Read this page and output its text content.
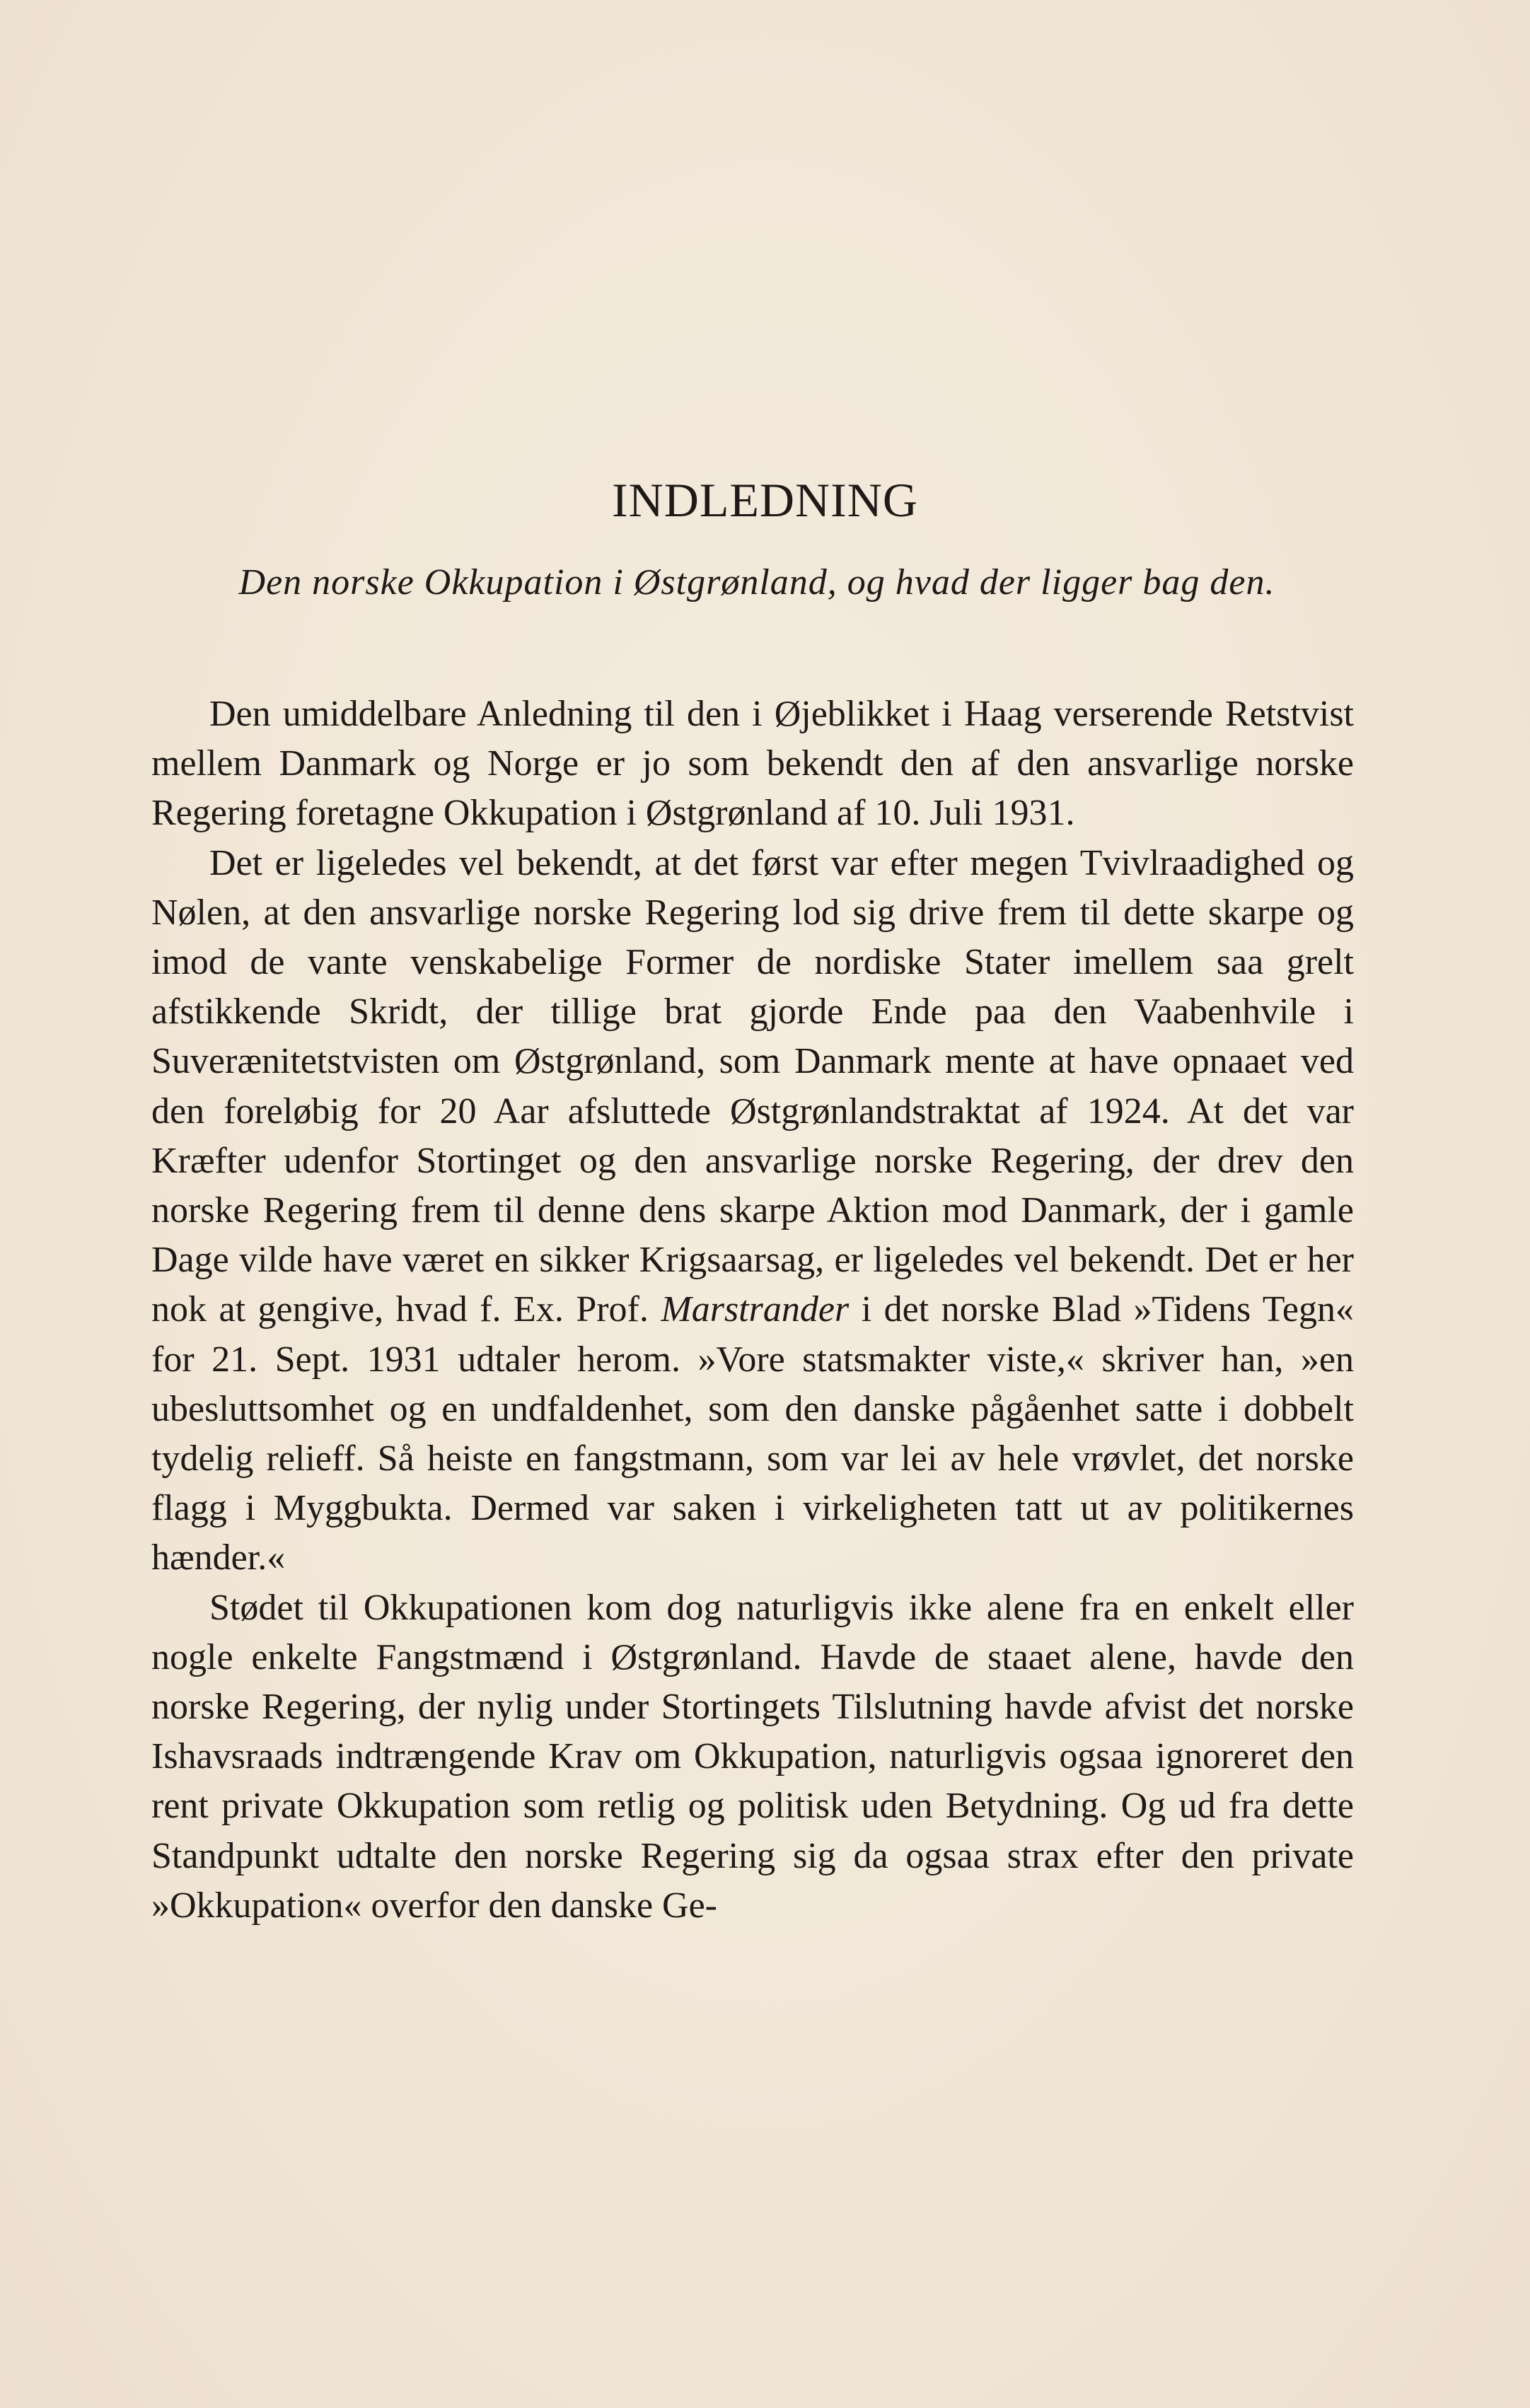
INDLEDNING
Den norske Okkupation i Østgrønland, og hvad der ligger bag den.

Den umiddelbare Anledning til den i Øjeblikket i Haag verserende Retstvist mellem Danmark og Norge er jo som bekendt den af den ansvarlige norske Regering foretagne Okkupation i Østgrønland af 10. Juli 1931.

Det er ligeledes vel bekendt, at det først var efter megen Tvivlraadighed og Nølen, at den ansvarlige norske Regering lod sig drive frem til dette skarpe og imod de vante venskabelige Former de nordiske Stater imellem saa grelt afstikkende Skridt, der tillige brat gjorde Ende paa den Vaabenhvile i Suverænitetstvisten om Østgrønland, som Danmark mente at have opnaaet ved den foreløbig for 20 Aar afsluttede Østgrønlandstraktat af 1924. At det var Kræfter udenfor Stortinget og den ansvarlige norske Regering, der drev den norske Regering frem til denne dens skarpe Aktion mod Danmark, der i gamle Dage vilde have været en sikker Krigsaarsag, er ligeledes vel bekendt. Det er her nok at gengive, hvad f. Ex. Prof. Marstrander i det norske Blad »Tidens Tegn« for 21. Sept. 1931 udtaler herom. »Vore statsmakter viste,« skriver han, »en ubesluttsomhet og en undfaldenhet, som den danske pågåenhet satte i dobbelt tydelig relieff. Så heiste en fangstmann, som var lei av hele vrøvlet, det norske flagg i Myggbukta. Dermed var saken i virkeligheten tatt ut av politikernes hænder.«

Stødet til Okkupationen kom dog naturligvis ikke alene fra en enkelt eller nogle enkelte Fangstmænd i Østgrønland. Havde de staaet alene, havde den norske Regering, der nylig under Stortingets Tilslutning havde afvist det norske Ishavsraads indtrængende Krav om Okkupation, naturligvis ogsaa ignoreret den rent private Okkupation som retlig og politisk uden Betydning. Og ud fra dette Standpunkt udtalte den norske Regering sig da ogsaa strax efter den private »Okkupation« overfor den danske Ge-
